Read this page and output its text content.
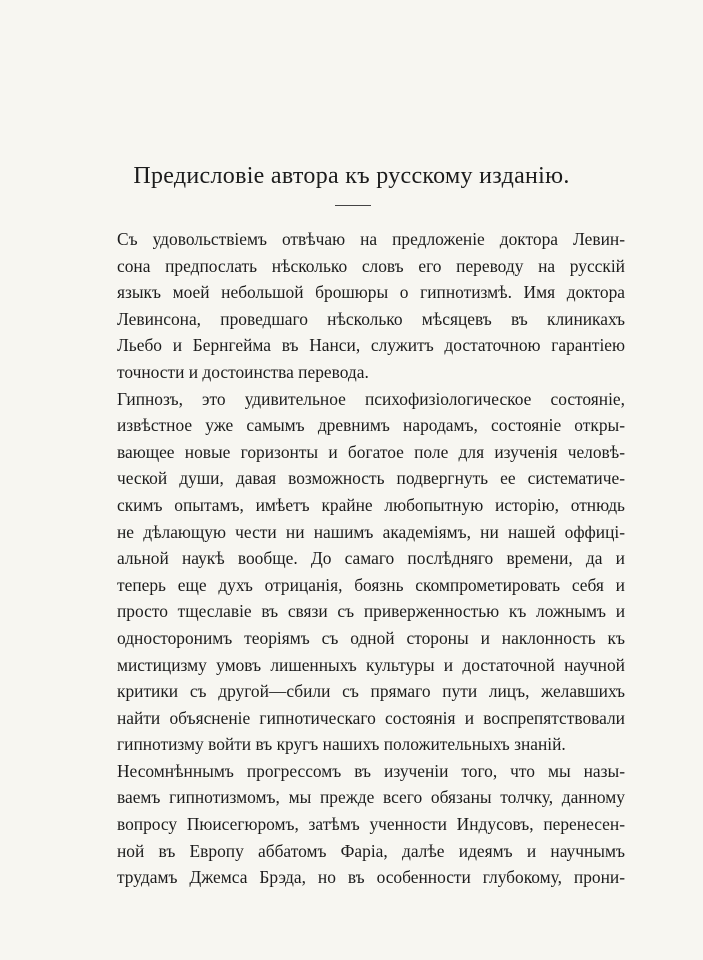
Предисловіе автора къ русскому изданію.
Съ удовольствіемъ отвѣчаю на предложеніе доктора Левин-
сона предпослать нѣсколько словъ его переводу на русскій
языкъ моей небольшой брошюры о гипнотизмѣ. Имя доктора
Левинсона, проведшаго нѣсколько мѣсяцевъ въ клиникахъ
Льебо и Бернгейма въ Нанси, служитъ достаточною гарантіею
точности и достоинства перевода.
Гипнозъ, это удивительное психофизіологическое состояніе,
извѣстное уже самымъ древнимъ народамъ, состояніе откры-
вающее новые горизонты и богатое поле для изученія человѣ-
ческой души, давая возможность подвергнуть ее систематиче-
скимъ опытамъ, имѣетъ крайне любопытную исторію, отнюдь
не дѣлающую чести ни нашимъ академіямъ, ни нашей оффиці-
альной наукѣ вообще. До самаго послѣдняго времени, да и
теперь еще духъ отрицанія, боязнь скомпрометировать себя и
просто тщеславіе въ связи съ приверженностью къ ложнымъ и
односторонимъ теоріямъ съ одной стороны и наклонность къ
мистицизму умовъ лишенныхъ культуры и достаточной научной
критики съ другой—сбили съ прямаго пути лицъ, желавшихъ
найти объясненіе гипнотическаго состоянія и воспрепятствовали
гипнотизму войти въ кругъ нашихъ положительныхъ знаній.
Несомнѣннымъ прогрессомъ въ изученіи того, что мы назы-
ваемъ гипнотизмомъ, мы прежде всего обязаны толчку, данному
вопросу Пюисегюромъ, затѣмъ ученности Индусовъ, перенесен-
ной въ Европу аббатомъ Фаріа, далѣе идеямъ и научнымъ
трудамъ Джемса Брэда, но въ особенности глубокому, прони-
